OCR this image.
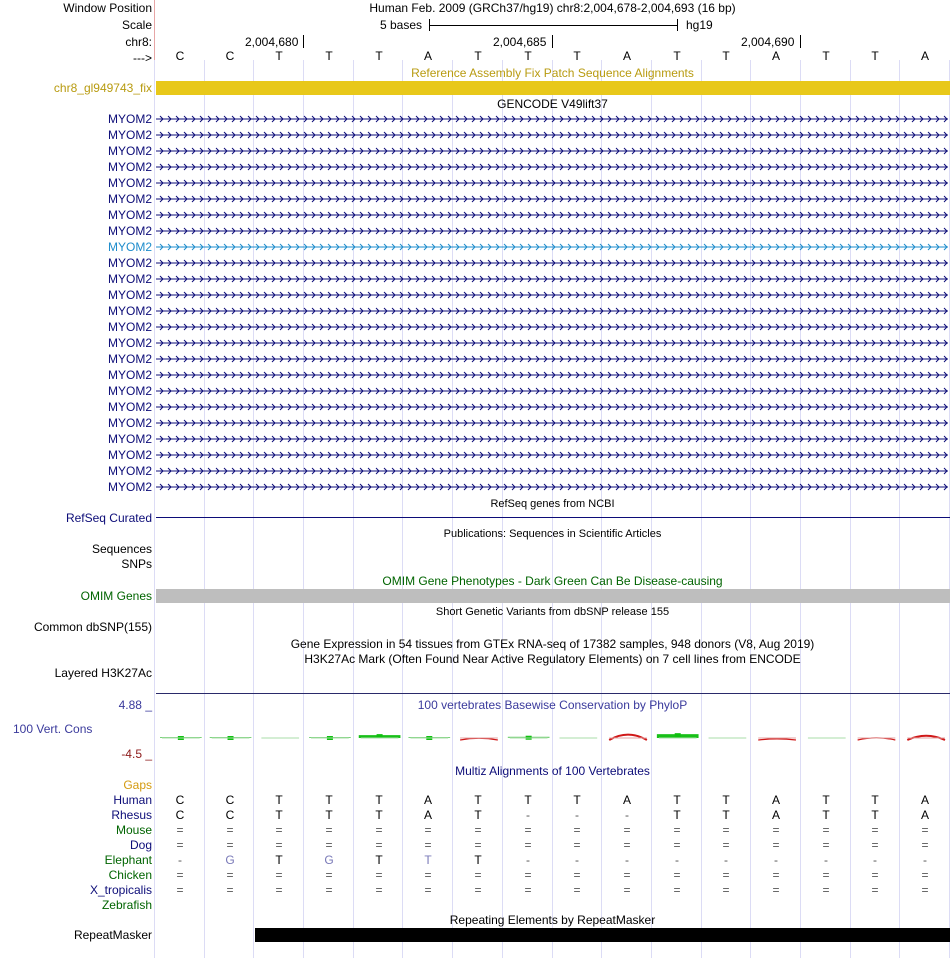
Window Position	Human Feb. 2009 (GRCh37/hg19) chr8:2,004,678-2,004,693 (16 bp)
Scale	5 bases	hg19
chr8:	2,004,680	2,004,685	2,004,690
--->	C	C	T	T	T	A	T	T	T	A	T	T	A	T	T	A
Reference Assembly Fix Patch Sequence Alignments
chr8_gl949743_fix
GENCODE V49lift37
MYOM2
MYOM2
MYOM2
MYOM2
MYOM2
MYOM2
MYOM2
MYOM2
MYOM2
MYOM2
MYOM2
MYOM2
MYOM2
MYOM2
MYOM2
MYOM2
MYOM2
MYOM2
MYOM2
MYOM2
MYOM2
MYOM2
MYOM2
MYOM2
RefSeq genes from NCBI
RefSeq Curated
Publications: Sequences in Scientific Articles
Sequences
SNPs
OMIM Gene Phenotypes - Dark Green Can Be Disease-causing
OMIM Genes
Short Genetic Variants from dbSNP release 155
Common dbSNP(155)
Gene Expression in 54 tissues from GTEx RNA-seq of 17382 samples, 948 donors (V8, Aug 2019)
H3K27Ac Mark (Often Found Near Active Regulatory Elements) on 7 cell lines from ENCODE
Layered H3K27Ac
100 vertebrates Basewise Conservation by PhyloP
4.88 _
100 Vert. Cons
-4.5 _
Multiz Alignments of 100 Vertebrates
Gaps
Human	C	C	T	T	T	A	T	T	T	A	T	T	A	T	T	A
Rhesus	C	C	T	T	T	A	T	-	-	-	T	T	A	T	T	A
Mouse	=	=	=	=	=	=	=	=	=	=	=	=	=	=	=	=
Dog	=	=	=	=	=	=	=	=	=	=	=	=	=	=	=	=
Elephant	-	G	T	G	T	T	T	-	-	-	-	-	-	-	-	-
Chicken	=	=	=	=	=	=	=	=	=	=	=	=	=	=	=	=
X_tropicalis	=	=	=	=	=	=	=	=	=	=	=	=	=	=	=	=
Zebrafish
Repeating Elements by RepeatMasker
RepeatMasker
